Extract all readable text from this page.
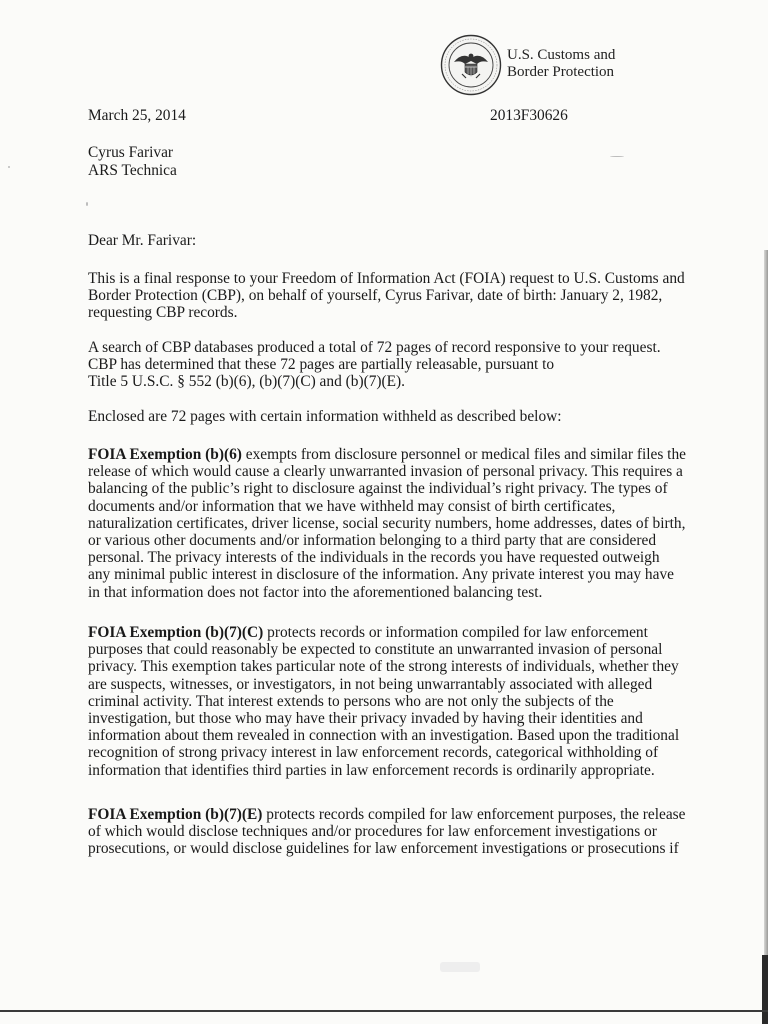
U.S. Customs and
Border Protection
March 25, 2014	2013F30626
Cyrus Farivar
ARS Technica
Dear Mr. Farivar:
This is a final response to your Freedom of Information Act (FOIA) request to U.S. Customs and
Border Protection (CBP), on behalf of yourself, Cyrus Farivar, date of birth: January 2, 1982,
requesting CBP records.
A search of CBP databases produced a total of 72 pages of record responsive to your request.
CBP has determined that these 72 pages are partially releasable, pursuant to
Title 5 U.S.C. § 552 (b)(6), (b)(7)(C) and (b)(7)(E).
Enclosed are 72 pages with certain information withheld as described below:
FOIA Exemption (b)(6) exempts from disclosure personnel or medical files and similar files the
release of which would cause a clearly unwarranted invasion of personal privacy. This requires a
balancing of the public’s right to disclosure against the individual’s right privacy. The types of
documents and/or information that we have withheld may consist of birth certificates,
naturalization certificates, driver license, social security numbers, home addresses, dates of birth,
or various other documents and/or information belonging to a third party that are considered
personal. The privacy interests of the individuals in the records you have requested outweigh
any minimal public interest in disclosure of the information. Any private interest you may have
in that information does not factor into the aforementioned balancing test.
FOIA Exemption (b)(7)(C) protects records or information compiled for law enforcement
purposes that could reasonably be expected to constitute an unwarranted invasion of personal
privacy. This exemption takes particular note of the strong interests of individuals, whether they
are suspects, witnesses, or investigators, in not being unwarrantably associated with alleged
criminal activity. That interest extends to persons who are not only the subjects of the
investigation, but those who may have their privacy invaded by having their identities and
information about them revealed in connection with an investigation. Based upon the traditional
recognition of strong privacy interest in law enforcement records, categorical withholding of
information that identifies third parties in law enforcement records is ordinarily appropriate.
FOIA Exemption (b)(7)(E) protects records compiled for law enforcement purposes, the release
of which would disclose techniques and/or procedures for law enforcement investigations or
prosecutions, or would disclose guidelines for law enforcement investigations or prosecutions if
